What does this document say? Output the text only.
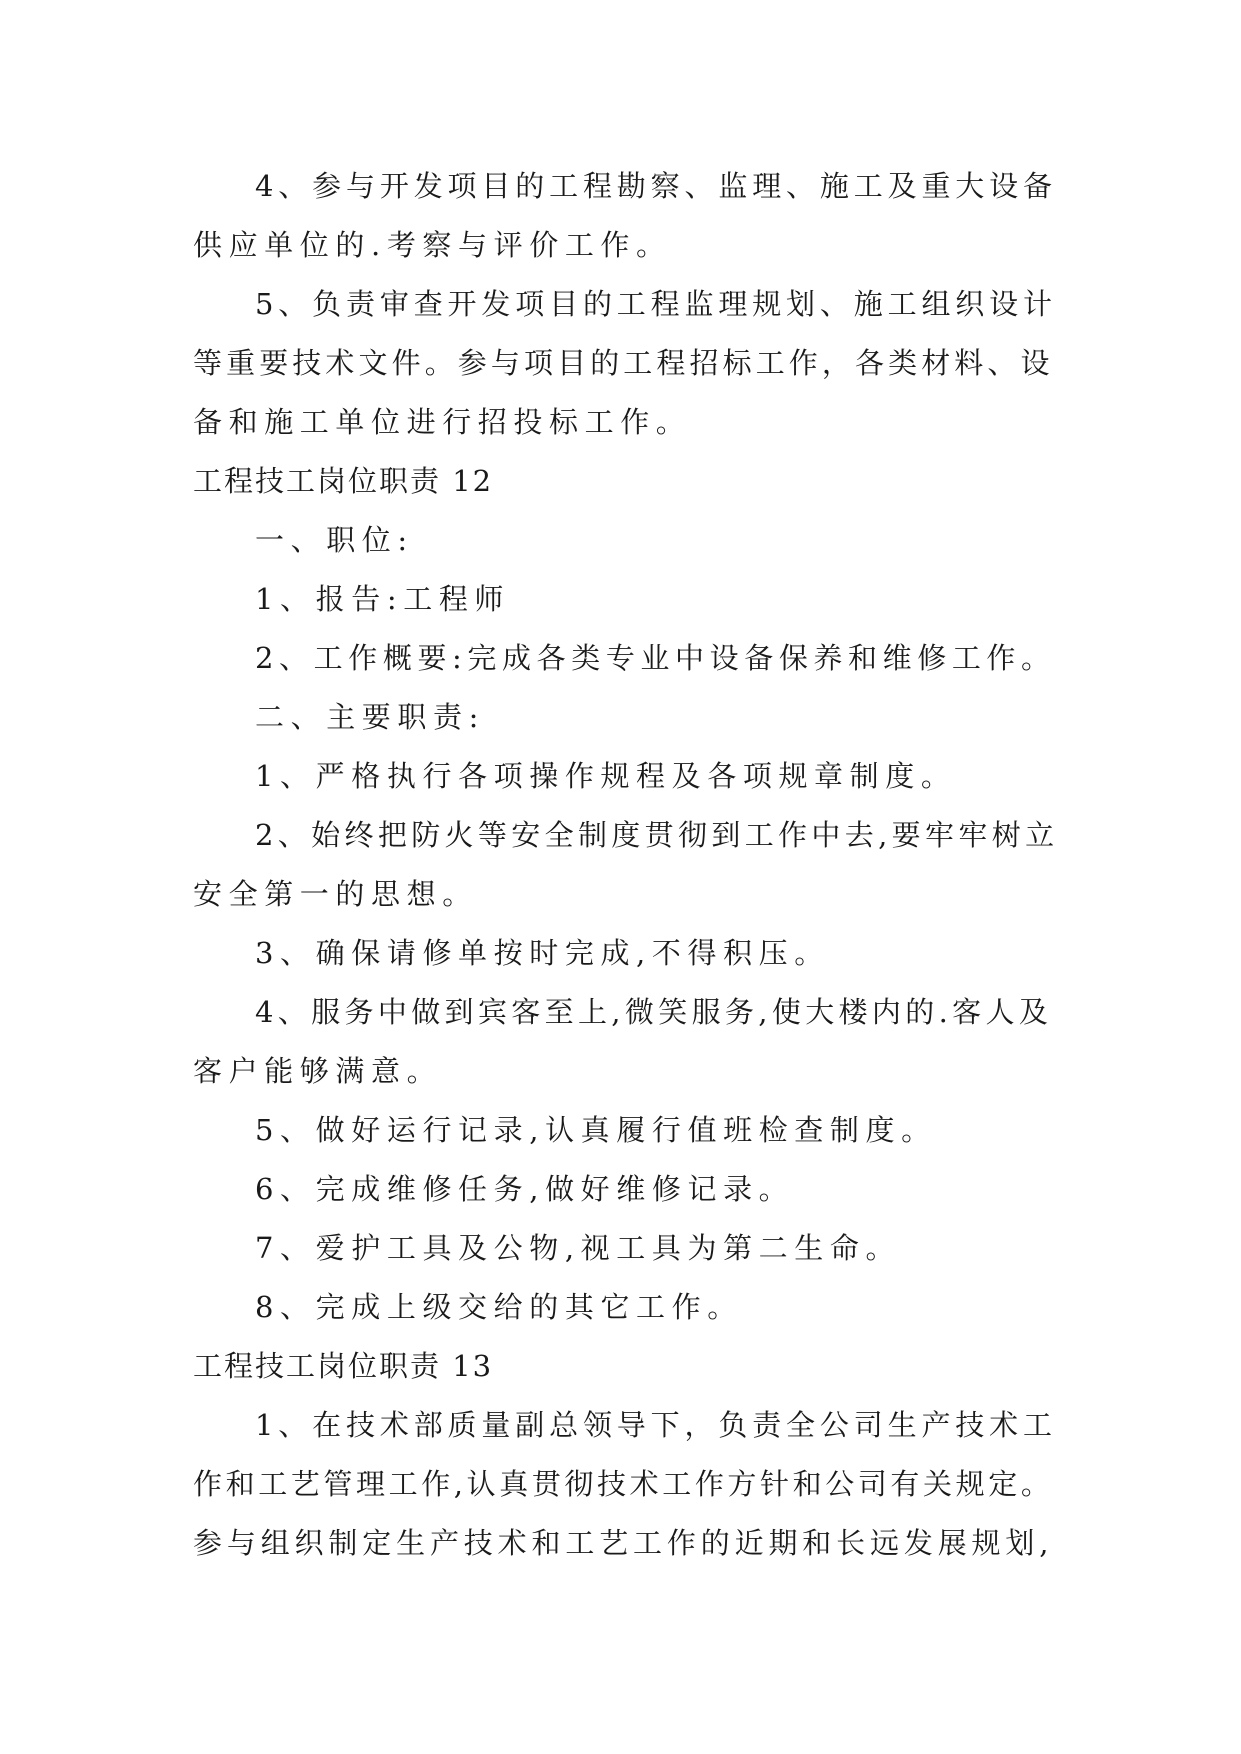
4、参与开发项目的工程勘察、监理、施工及重大设备

供应单位的.考察与评价工作。

5、负责审查开发项目的工程监理规划、施工组织设计

等重要技术文件。参与项目的工程招标工作，各类材料、设

备和施工单位进行招投标工作。

工程技工岗位职责 12

一、职位:

1、报告:工程师

2、工作概要:完成各类专业中设备保养和维修工作。

二、主要职责:

1、严格执行各项操作规程及各项规章制度。

2、始终把防火等安全制度贯彻到工作中去,要牢牢树立

安全第一的思想。

3、确保请修单按时完成,不得积压。

4、服务中做到宾客至上,微笑服务,使大楼内的.客人及

客户能够满意。

5、做好运行记录,认真履行值班检查制度。

6、完成维修任务,做好维修记录。

7、爱护工具及公物,视工具为第二生命。

8、完成上级交给的其它工作。

工程技工岗位职责 13

1、在技术部质量副总领导下，负责全公司生产技术工

作和工艺管理工作,认真贯彻技术工作方针和公司有关规定。

参与组织制定生产技术和工艺工作的近期和长远发展规划,
